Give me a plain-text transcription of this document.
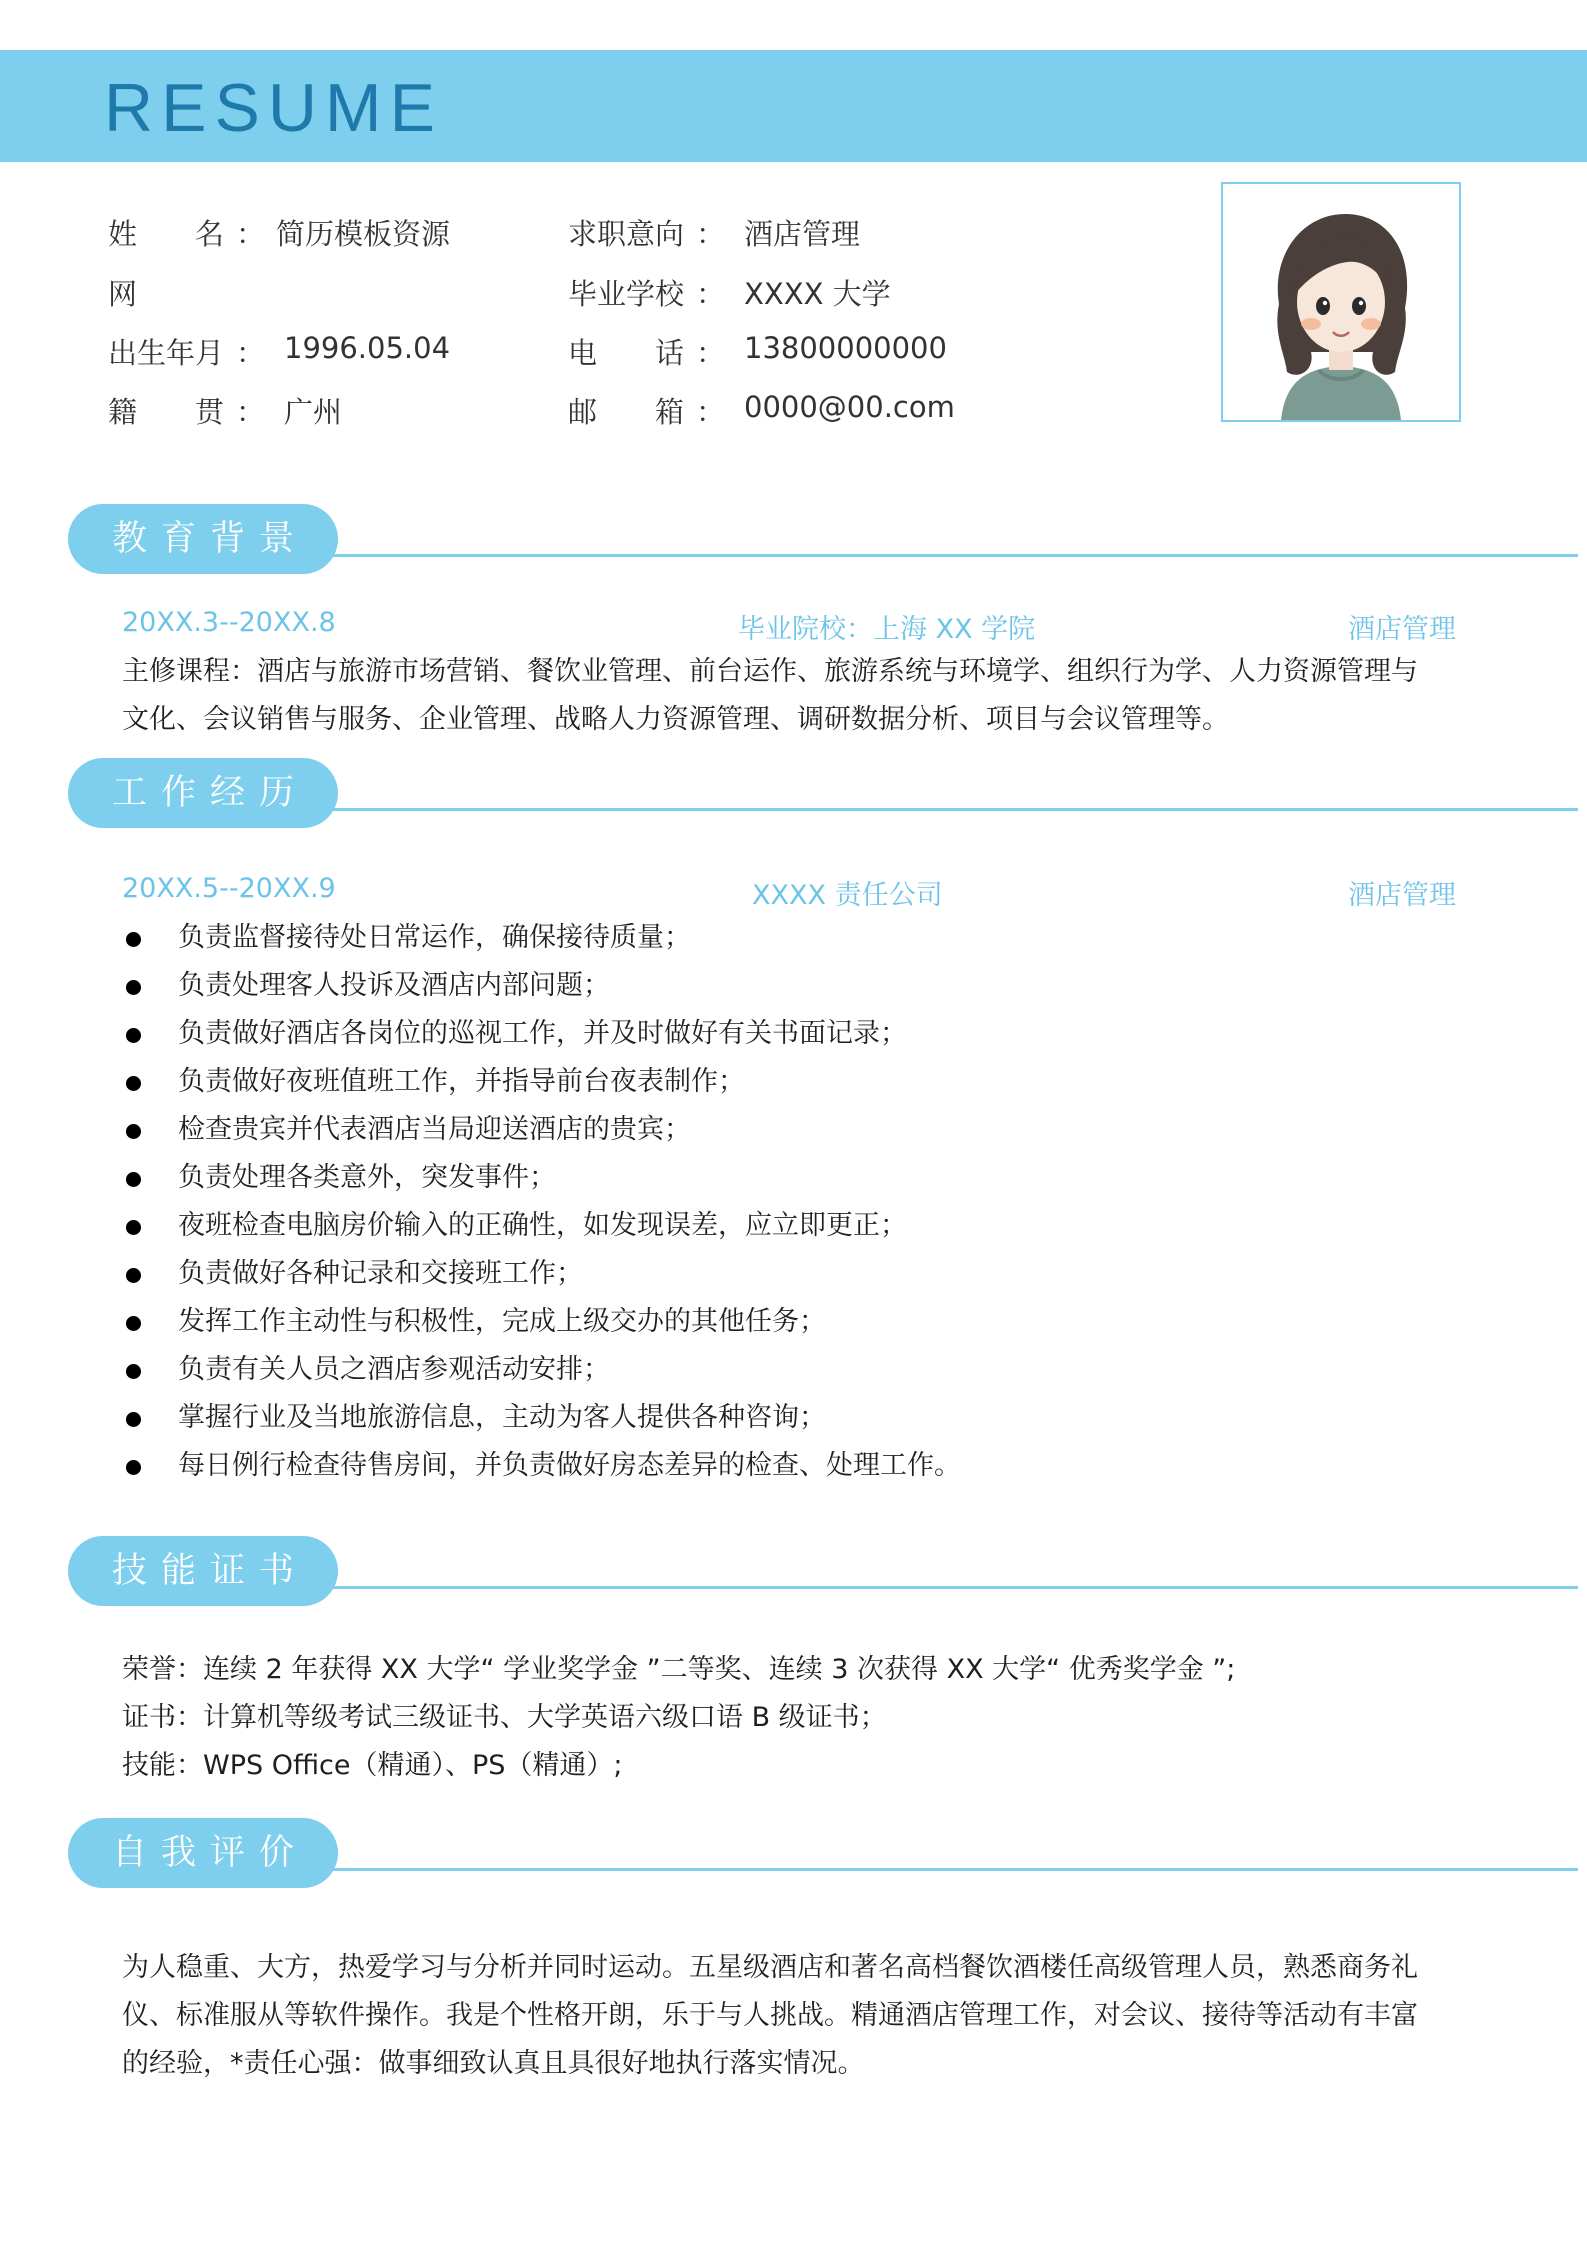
RESUME
姓　　名 ： 简历模板资源
网
出生年月 ： 1996.05.04
籍　　贯 ： 广州
求职意向 ： 酒店管理
毕业学校 ： XXXX 大学
电　　话 ： 13800000000
邮　　箱 ： 0000@00.com
教育背景
20XX.3--20XX.8	毕业院校：上海 XX 学院	酒店管理
主修课程：酒店与旅游市场营销、餐饮业管理、前台运作、旅游系统与环境学、组织行为学、人力资源管理与
文化、会议销售与服务、企业管理、战略人力资源管理、调研数据分析、项目与会议管理等。
工作经历
20XX.5--20XX.9	XXXX 责任公司	酒店管理
负责监督接待处日常运作，确保接待质量；
负责处理客人投诉及酒店内部问题；
负责做好酒店各岗位的巡视工作，并及时做好有关书面记录；
负责做好夜班值班工作，并指导前台夜表制作；
检查贵宾并代表酒店当局迎送酒店的贵宾；
负责处理各类意外，突发事件；
夜班检查电脑房价输入的正确性，如发现误差，应立即更正；
负责做好各种记录和交接班工作；
发挥工作主动性与积极性，完成上级交办的其他任务；
负责有关人员之酒店参观活动安排；
掌握行业及当地旅游信息，主动为客人提供各种咨询；
每日例行检查待售房间，并负责做好房态差异的检查、处理工作。
技能证书
荣誉：连续 2 年获得 XX 大学“ 学业奖学金 ”二等奖、连续 3 次获得 XX 大学“ 优秀奖学金 ”;
证书：计算机等级考试三级证书、大学英语六级口语 B 级证书；
技能：WPS Office（精通）、PS（精通）;
自我评价
为人稳重、大方，热爱学习与分析并同时运动。五星级酒店和著名高档餐饮酒楼任高级管理人员，熟悉商务礼
仪、标准服从等软件操作。我是个性格开朗，乐于与人挑战。精通酒店管理工作，对会议、接待等活动有丰富
的经验，*责任心强：做事细致认真且具很好地执行落实情况。
